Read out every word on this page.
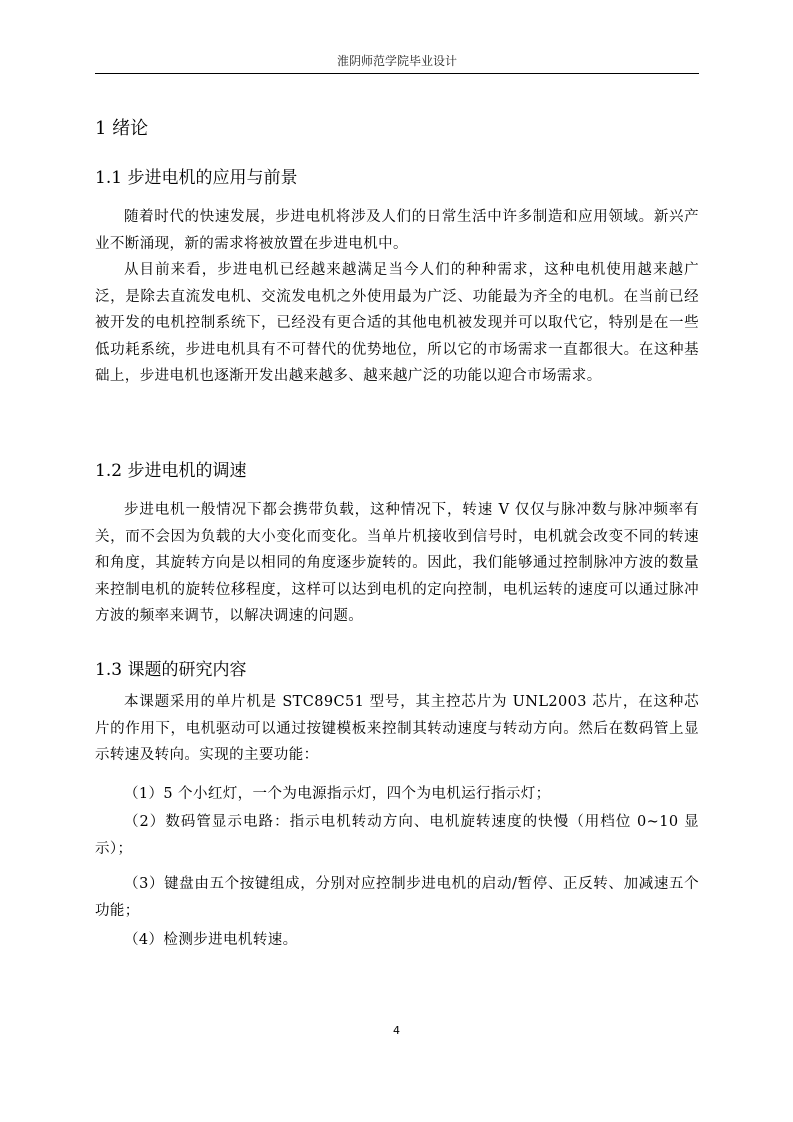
淮阴师范学院毕业设计
1 绪论
1.1 步进电机的应用与前景

随着时代的快速发展，步进电机将涉及人们的日常生活中许多制造和应用领域。新兴产业不断涌现，新的需求将被放置在步进电机中。

从目前来看，步进电机已经越来越满足当今人们的种种需求，这种电机使用越来越广泛，是除去直流发电机、交流发电机之外使用最为广泛、功能最为齐全的电机。在当前已经被开发的电机控制系统下，已经没有更合适的其他电机被发现并可以取代它，特别是在一些低功耗系统，步进电机具有不可替代的优势地位，所以它的市场需求一直都很大。在这种基础上，步进电机也逐渐开发出越来越多、越来越广泛的功能以迎合市场需求。

1.2 步进电机的调速

步进电机一般情况下都会携带负载，这种情况下，转速 V 仅仅与脉冲数与脉冲频率有关，而不会因为负载的大小变化而变化。当单片机接收到信号时，电机就会改变不同的转速和角度，其旋转方向是以相同的角度逐步旋转的。因此，我们能够通过控制脉冲方波的数量来控制电机的旋转位移程度，这样可以达到电机的定向控制，电机运转的速度可以通过脉冲方波的频率来调节，以解决调速的问题。

1.3 课题的研究内容

本课题采用的单片机是 STC89C51 型号，其主控芯片为 UNL2003 芯片，在这种芯片的作用下，电机驱动可以通过按键模板来控制其转动速度与转动方向。然后在数码管上显示转速及转向。实现的主要功能：

（1）5 个小红灯，一个为电源指示灯，四个为电机运行指示灯；

（2）数码管显示电路：指示电机转动方向、电机旋转速度的快慢（用档位 0~10 显示）；

（3）键盘由五个按键组成，分别对应控制步进电机的启动/暂停、正反转、加减速五个功能；

（4）检测步进电机转速。

4
